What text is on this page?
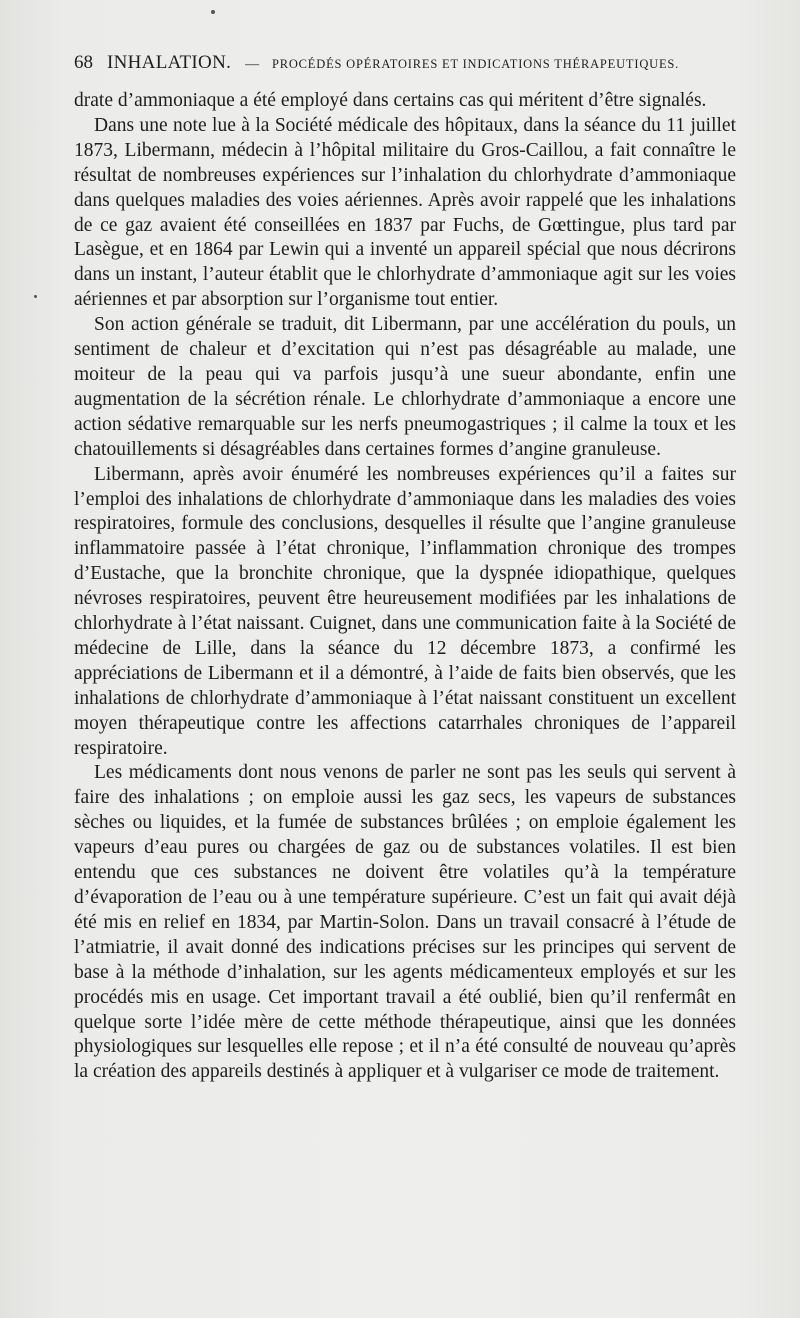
68 INHALATION. — PROCÉDÉS OPÉRATOIRES ET INDICATIONS THÉRAPEUTIQUES.

drate d’ammoniaque a été employé dans certains cas qui méritent d’être signalés.

Dans une note lue à la Société médicale des hôpitaux, dans la séance du 11 juillet 1873, Libermann, médecin à l’hôpital militaire du Gros-Caillou, a fait connaître le résultat de nombreuses expériences sur l’inhalation du chlorhydrate d’ammoniaque dans quelques maladies des voies aériennes. Après avoir rappelé que les inhalations de ce gaz avaient été conseillées en 1837 par Fuchs, de Gœttingue, plus tard par Lasègue, et en 1864 par Lewin qui a inventé un appareil spécial que nous décrirons dans un instant, l’auteur établit que le chlorhydrate d’ammoniaque agit sur les voies aériennes et par absorption sur l’organisme tout entier.

Son action générale se traduit, dit Libermann, par une accélération du pouls, un sentiment de chaleur et d’excitation qui n’est pas désagréable au malade, une moiteur de la peau qui va parfois jusqu’à une sueur abondante, enfin une augmentation de la sécrétion rénale. Le chlorhydrate d’ammoniaque a encore une action sédative remarquable sur les nerfs pneumogastriques ; il calme la toux et les chatouillements si désagréables dans certaines formes d’angine granuleuse.

Libermann, après avoir énuméré les nombreuses expériences qu’il a faites sur l’emploi des inhalations de chlorhydrate d’ammoniaque dans les maladies des voies respiratoires, formule des conclusions, desquelles il résulte que l’angine granuleuse inflammatoire passée à l’état chronique, l’inflammation chronique des trompes d’Eustache, que la bronchite chronique, que la dyspnée idiopathique, quelques névroses respiratoires, peuvent être heureusement modifiées par les inhalations de chlorhydrate à l’état naissant. Cuignet, dans une communication faite à la Société de médecine de Lille, dans la séance du 12 décembre 1873, a confirmé les appréciations de Libermann et il a démontré, à l’aide de faits bien observés, que les inhalations de chlorhydrate d’ammoniaque à l’état naissant constituent un excellent moyen thérapeutique contre les affections catarrhales chroniques de l’appareil respiratoire.

Les médicaments dont nous venons de parler ne sont pas les seuls qui servent à faire des inhalations ; on emploie aussi les gaz secs, les vapeurs de substances sèches ou liquides, et la fumée de substances brûlées ; on emploie également les vapeurs d’eau pures ou chargées de gaz ou de substances volatiles. Il est bien entendu que ces substances ne doivent être volatiles qu’à la température d’évaporation de l’eau ou à une température supérieure. C’est un fait qui avait déjà été mis en relief en 1834, par Martin-Solon. Dans un travail consacré à l’étude de l’atmiatrie, il avait donné des indications précises sur les principes qui servent de base à la méthode d’inhalation, sur les agents médicamenteux employés et sur les procédés mis en usage. Cet important travail a été oublié, bien qu’il renfermât en quelque sorte l’idée mère de cette méthode thérapeutique, ainsi que les données physiologiques sur lesquelles elle repose ; et il n’a été consulté de nouveau qu’après la création des appareils destinés à appliquer et à vulgariser ce mode de traitement.
